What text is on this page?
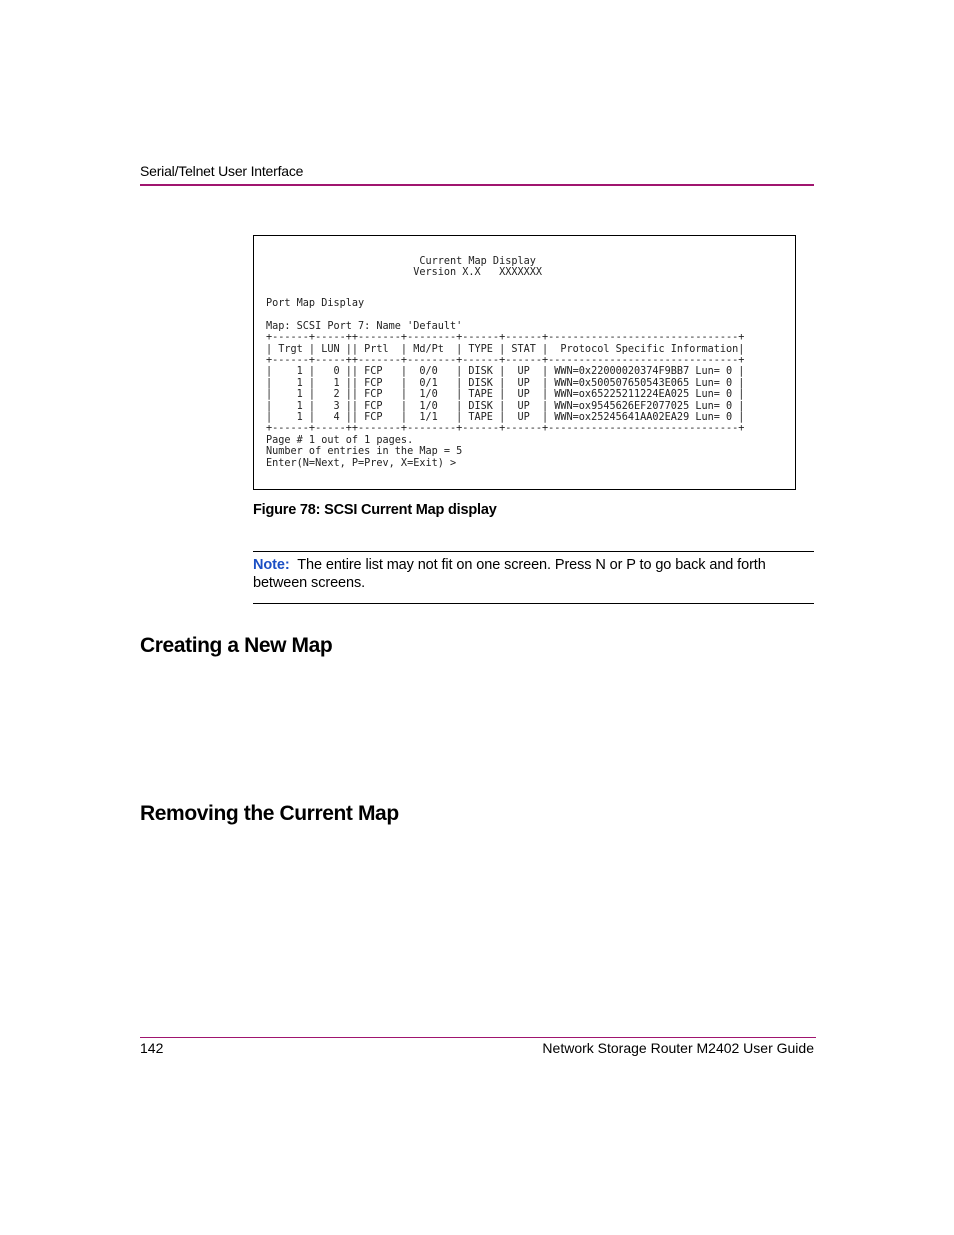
Serial/Telnet User Interface
Current Map Display
Version X.X   XXXXXXX
Port Map Display
Map: SCSI Port 7: Name 'Default'
+------+-----++-------+--------+------+------+-------------------------------+
| Trgt | LUN || Prtl  | Md/Pt  | TYPE | STAT |  Protocol Specific Information|
+------+-----++-------+--------+------+------+-------------------------------+
|    1 |   0 || FCP   |  0/0   | DISK |  UP  | WWN=0x22000020374F9BB7 Lun= 0 |
|    1 |   1 || FCP   |  0/1   | DISK |  UP  | WWN=0x500507650543E065 Lun= 0 |
|    1 |   2 || FCP   |  1/0   | TAPE |  UP  | WWN=ox65225211224EA025 Lun= 0 |
|    1 |   3 || FCP   |  1/0   | DISK |  UP  | WWN=ox9545626EF2077025 Lun= 0 |
|    1 |   4 || FCP   |  1/1   | TAPE |  UP  | WWN=ox25245641AA02EA29 Lun= 0 |
+------+-----++-------+--------+------+------+-------------------------------+
Page # 1 out of 1 pages.
Number of entries in the Map = 5
Enter(N=Next, P=Prev, X=Exit) >
Figure 78: SCSI Current Map display
Note: The entire list may not fit on one screen. Press N or P to go back and forth between screens.
Creating a New Map
Removing the Current Map
142	Network Storage Router M2402 User Guide
